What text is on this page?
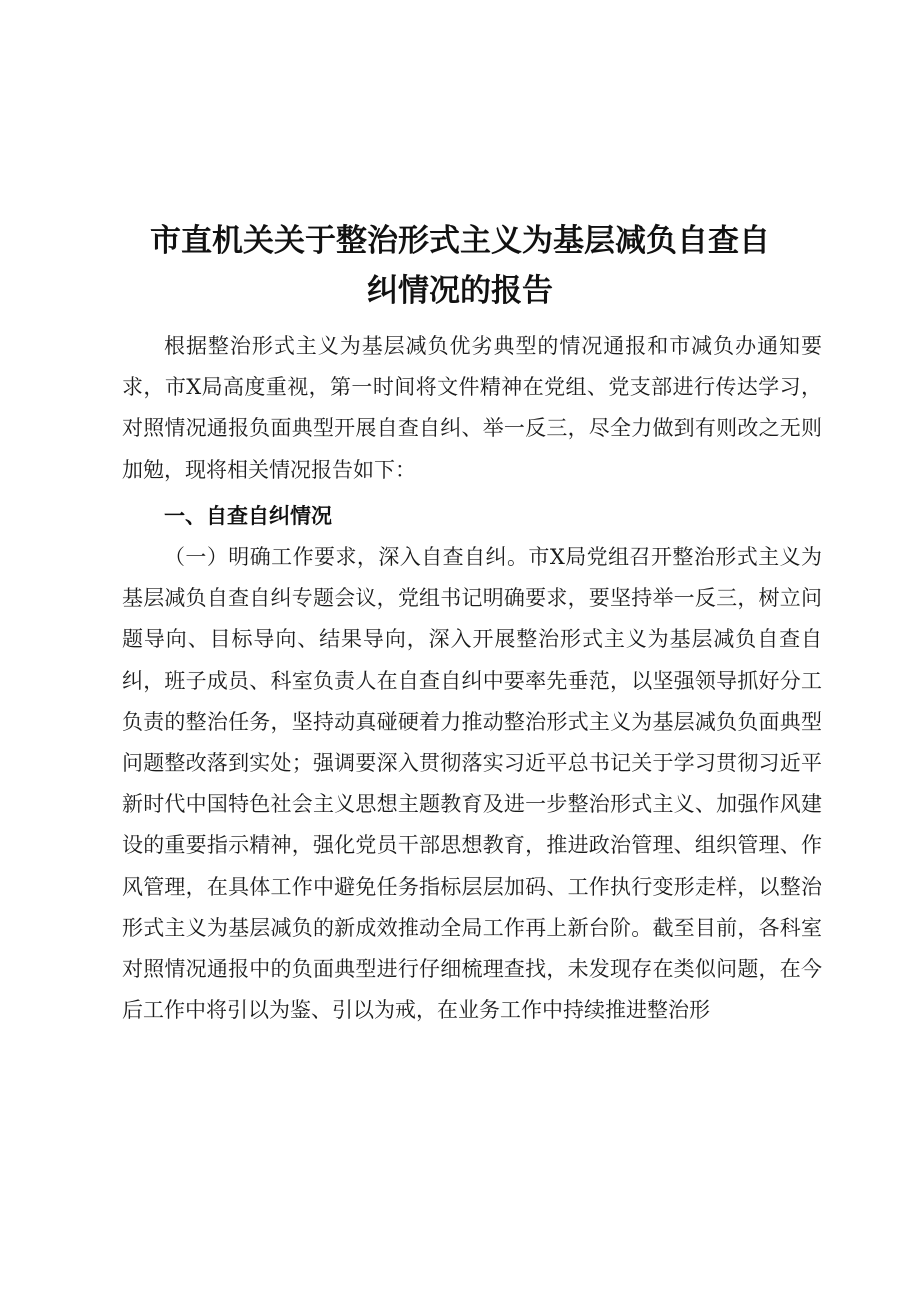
市直机关关于整治形式主义为基层减负自查自
纠情况的报告

根据整治形式主义为基层减负优劣典型的情况通报和市减负办通知要求，市X局高度重视，第一时间将文件精神在党组、党支部进行传达学习，对照情况通报负面典型开展自查自纠、举一反三，尽全力做到有则改之无则加勉，现将相关情况报告如下：

一、自查自纠情况

（一）明确工作要求，深入自查自纠。市X局党组召开整治形式主义为基层减负自查自纠专题会议，党组书记明确要求，要坚持举一反三，树立问题导向、目标导向、结果导向，深入开展整治形式主义为基层减负自查自纠，班子成员、科室负责人在自查自纠中要率先垂范，以坚强领导抓好分工负责的整治任务，坚持动真碰硬着力推动整治形式主义为基层减负负面典型问题整改落到实处；强调要深入贯彻落实习近平总书记关于学习贯彻习近平新时代中国特色社会主义思想主题教育及进一步整治形式主义、加强作风建设的重要指示精神，强化党员干部思想教育，推进政治管理、组织管理、作风管理，在具体工作中避免任务指标层层加码、工作执行变形走样，以整治形式主义为基层减负的新成效推动全局工作再上新台阶。截至目前，各科室对照情况通报中的负面典型进行仔细梳理查找，未发现存在类似问题，在今后工作中将引以为鉴、引以为戒，在业务工作中持续推进整治形
